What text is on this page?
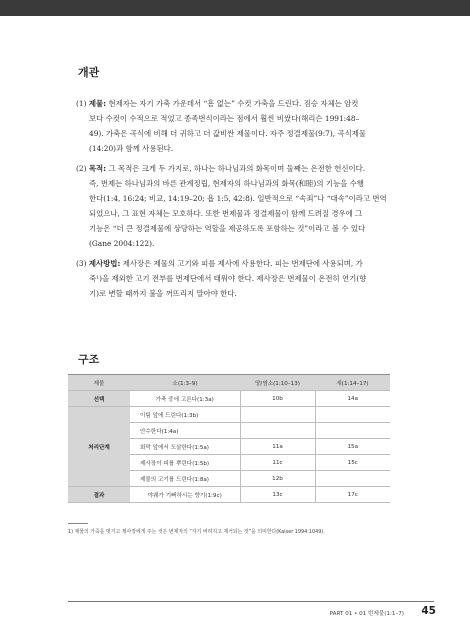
개관
(1) 제물: 현제자는 자기 가축 가운데서 “흠 없는” 수컷 가축을 드린다. 짐승 자체는 암컷
보다 수컷이 수적으로 적었고 종족번식이라는 점에서 훨씬 비쌌다(해리슨 1991:48–
49). 가축은 곡식에 비해 더 귀하고 더 값비싼 제물이다. 자주 정결제물(9:7), 곡식제물
(14:20)과 함께 사용된다.
(2) 목적: 그 목적은 크게 두 가지로, 하나는 하나님과의 화목이며 둘째는 온전한 헌신이다.
즉, 번제는 하나님과의 바른 관계정립, 현제자의 하나님과의 화목(和睦)의 기능을 수행
한다(1:4, 16:24; 비교, 14:19–20; 욥 1:5, 42:8). 일반적으로 “속죄”나 “대속”이라고 번역
되었으나, 그 표현 자체는 모호하다. 또한 번제물과 정결제물이 함께 드려질 경우에 그
기능은 “더 큰 정결제물에 상당하는 역할을 제공하도록 포함하는 것”이라고 볼 수 있다
(Gane 2004:122).
(3) 제사방법: 제사장은 제물의 고기와 피를 제사에 사용한다. 피는 번제단에 사용되며, 가
죽¹)을 제외한 고기 전부를 번제단에서 태워야 한다. 제사장은 번제물이 온전히 연기(향
기)로 변할 때까지 불을 꺼뜨리지 말아야 한다.
구조
제물	소(1:3–9)	양/염소(1:10–13)	새(1:14–17)
선택	가축 중에 고른다(1:3a)	10b	14a
처리단계	이팀 앞에 드린다(1:3b)		
	안수한다(1:4a)		
	회막 앞에서 도살한다(1:5a)	11a	15a
	제사장이 피를 뿌린다(1:5b)	11c	15c
	제물의 고기를 드린다(1:8a)	12b	
결과	야웨가 기뻐하시는 향기(1:9c)	13c	17c

1) 제물의 가죽을 벗기고 제사장에게 주는 것은 번제자의 “자기 버려지고 제거되는 것”을 의미한다(Kaiser 1994:1049).

PART 01 • 01 번제물(1:1–7) 45
